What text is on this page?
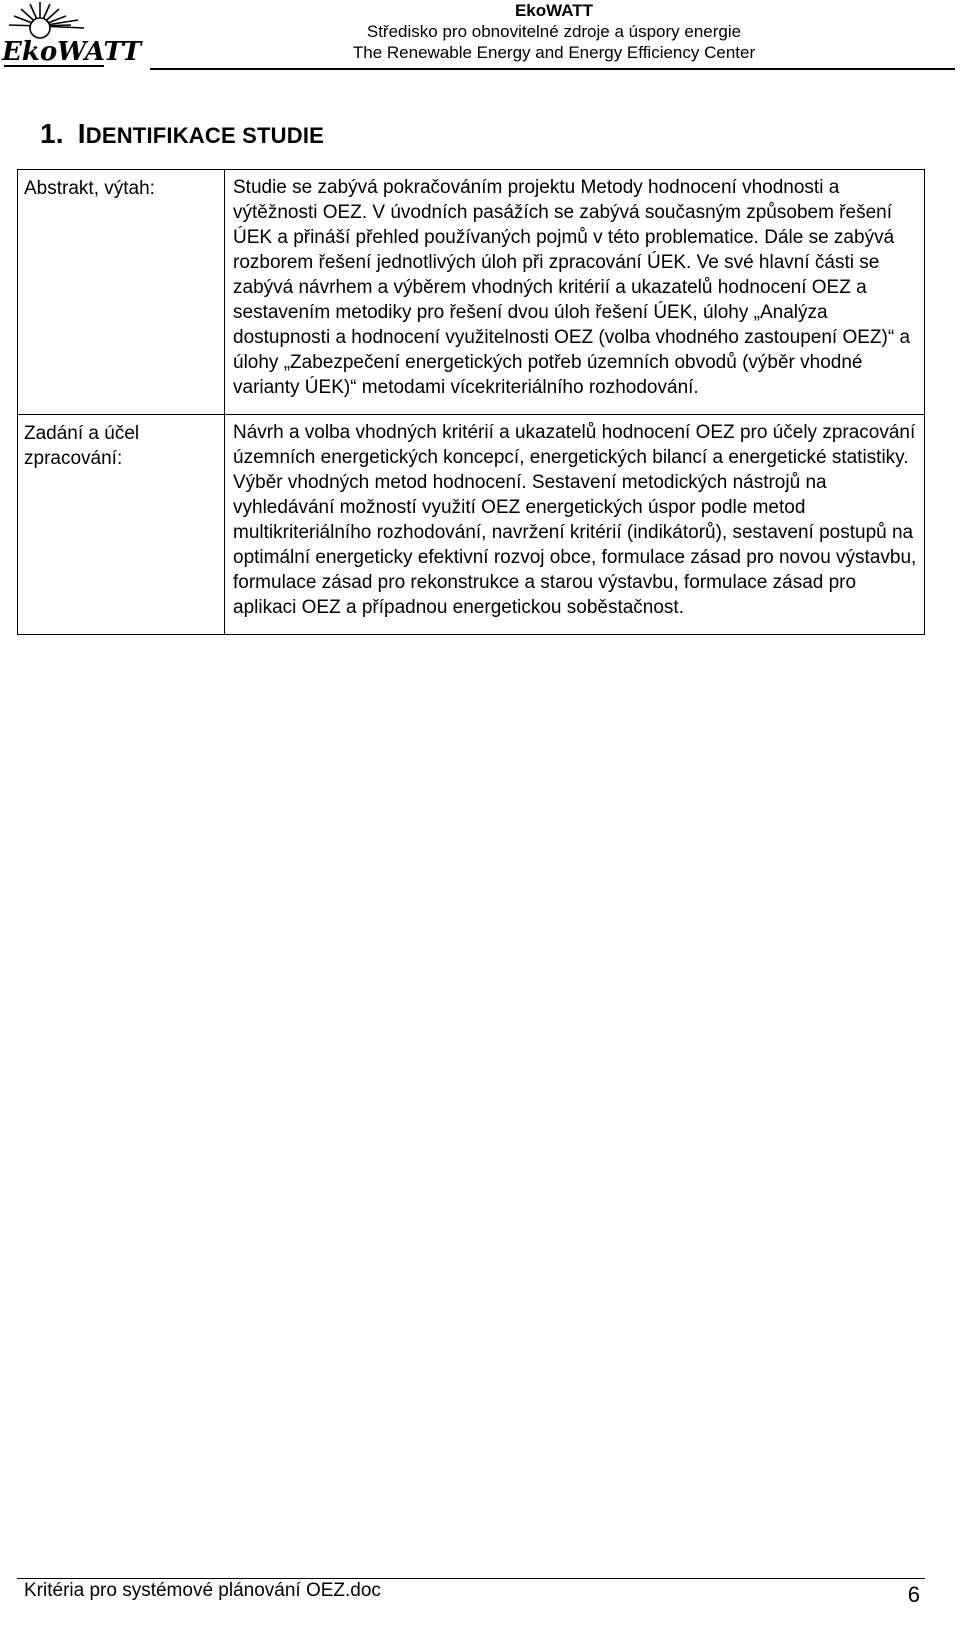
EkoWATT
EkoWATT
Středisko pro obnovitelné zdroje a úspory energie
The Renewable Energy and Energy Efficiency Center
1. IDENTIFIKACE STUDIE
Abstrakt, výtah:	Studie se zabývá pokračováním projektu Metody hodnocení vhodnosti a výtěžnosti OEZ. V úvodních pasážích se zabývá současným způsobem řešení ÚEK a přináší přehled používaných pojmů v této problematice. Dále se zabývá rozborem řešení jednotlivých úloh při zpracování ÚEK. Ve své hlavní části se zabývá návrhem a výběrem vhodných kritérií a ukazatelů hodnocení OEZ a sestavením metodiky pro řešení dvou úloh řešení ÚEK, úlohy „Analýza dostupnosti a hodnocení využitelnosti OEZ (volba vhodného zastoupení OEZ)“ a úlohy „Zabezpečení energetických potřeb územních obvodů (výběr vhodné varianty ÚEK)“ metodami vícekriteriálního rozhodování.
Zadání a účel zpracování:	Návrh a volba vhodných kritérií a ukazatelů hodnocení OEZ pro účely zpracování územních energetických koncepcí, energetických bilancí a energetické statistiky. Výběr vhodných metod hodnocení. Sestavení metodických nástrojů na vyhledávání možností využití OEZ energetických úspor podle metod multikriteriálního rozhodování, navržení kritérií (indikátorů), sestavení postupů na optimální energeticky efektivní rozvoj obce, formulace zásad pro novou výstavbu, formulace zásad pro rekonstrukce a starou výstavbu, formulace zásad pro aplikaci OEZ a případnou energetickou soběstačnost.
Kritéria pro systémové plánování OEZ.doc	6
